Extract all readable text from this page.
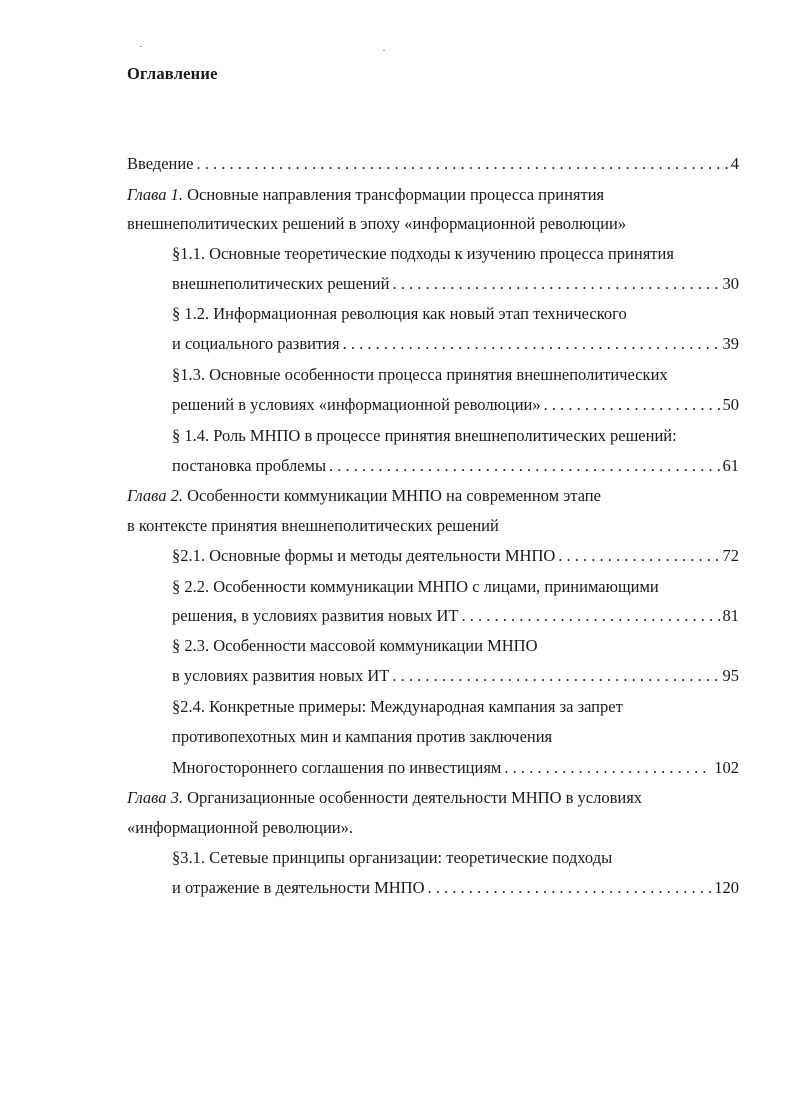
Оглавление
Введение . . .	4
Глава 1. Основные направления трансформации процесса принятия
внешнеполитических решений в эпоху «информационной революции»
§1.1. Основные теоретические подходы к изучению процесса принятия
внешнеполитических решений . . .	30
§ 1.2. Информационная революция как новый этап технического
и социального развития . . .	39
§1.3. Основные особенности процесса принятия внешнеполитических
решений в условиях «информационной революции» . . .	50
§ 1.4. Роль МНПО в процессе принятия внешнеполитических решений:
постановка проблемы . . .	61
Глава 2. Особенности коммуникации МНПО на современном этапе
в контексте принятия внешнеполитических решений
§2.1. Основные формы и методы деятельности МНПО . . .	72
§ 2.2. Особенности коммуникации МНПО с лицами, принимающими
решения, в условиях развития новых ИТ . . .	81
§ 2.3. Особенности массовой коммуникации МНПО
в условиях развития новых ИТ . . .	95
§2.4. Конкретные примеры: Международная кампания за запрет
противопехотных мин и кампания против заключения
Многостороннего соглашения по инвестициям . . .	102
Глава 3. Организационные особенности деятельности МНПО в условиях
«информационной революции».
§3.1. Сетевые принципы организации: теоретические подходы
и отражение в деятельности МНПО . . .	120
